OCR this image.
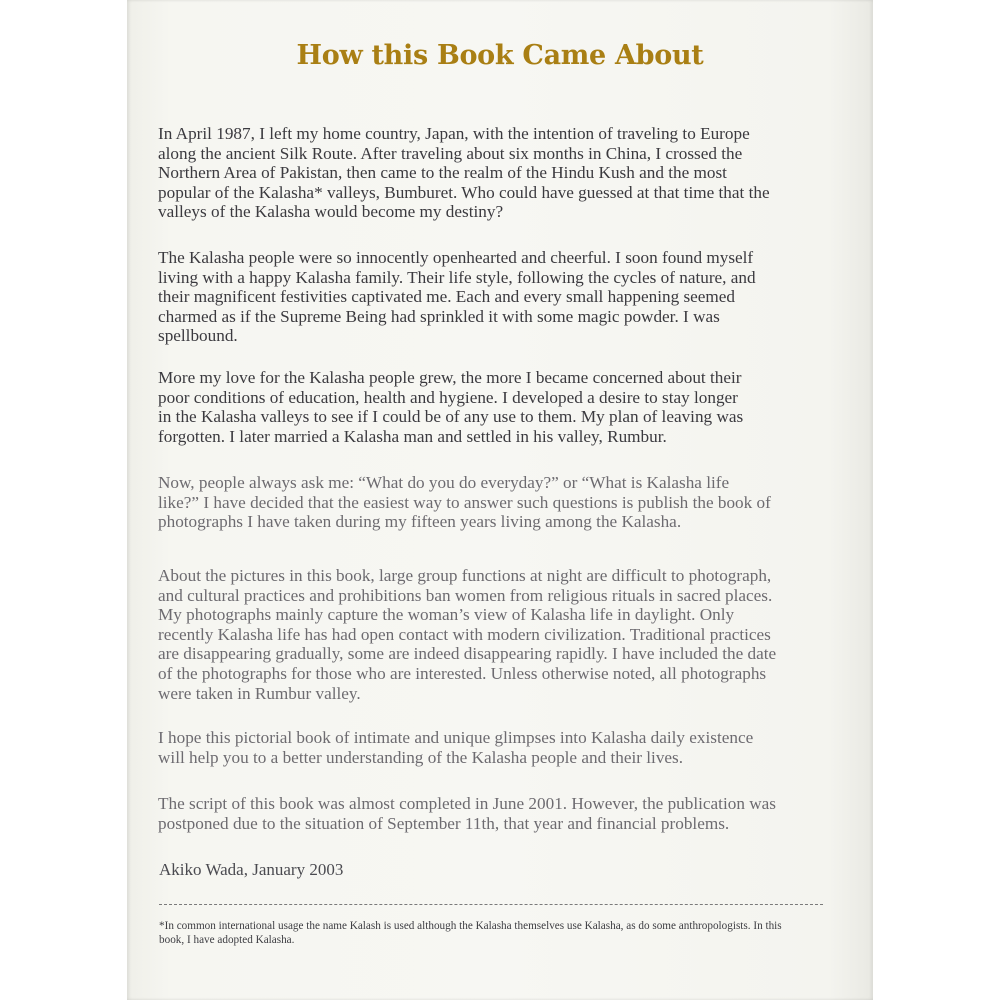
How this Book Came About

In April 1987, I left my home country, Japan, with the intention of traveling to Europe
along the ancient Silk Route. After traveling about six months in China, I crossed the
Northern Area of Pakistan, then came to the realm of the Hindu Kush and the most
popular of the Kalasha* valleys, Bumburet. Who could have guessed at that time that the
valleys of the Kalasha would become my destiny?

The Kalasha people were so innocently openhearted and cheerful. I soon found myself
living with a happy Kalasha family. Their life style, following the cycles of nature, and
their magnificent festivities captivated me. Each and every small happening seemed
charmed as if the Supreme Being had sprinkled it with some magic powder. I was
spellbound.

More my love for the Kalasha people grew, the more I became concerned about their
poor conditions of education, health and hygiene. I developed a desire to stay longer
in the Kalasha valleys to see if I could be of any use to them. My plan of leaving was
forgotten. I later married a Kalasha man and settled in his valley, Rumbur.

Now, people always ask me: “What do you do everyday?” or “What is Kalasha life
like?” I have decided that the easiest way to answer such questions is publish the book of
photographs I have taken during my fifteen years living among the Kalasha.

About the pictures in this book, large group functions at night are difficult to photograph,
and cultural practices and prohibitions ban women from religious rituals in sacred places.
My photographs mainly capture the woman’s view of Kalasha life in daylight. Only
recently Kalasha life has had open contact with modern civilization. Traditional practices
are disappearing gradually, some are indeed disappearing rapidly. I have included the date
of the photographs for those who are interested. Unless otherwise noted, all photographs
were taken in Rumbur valley.

I hope this pictorial book of intimate and unique glimpses into Kalasha daily existence
will help you to a better understanding of the Kalasha people and their lives.

The script of this book was almost completed in June 2001. However, the publication was
postponed due to the situation of September 11th, that year and financial problems.

Akiko Wada, January 2003

*In common international usage the name Kalash is used although the Kalasha themselves use Kalasha, as do some anthropologists. In this
book, I have adopted Kalasha.
